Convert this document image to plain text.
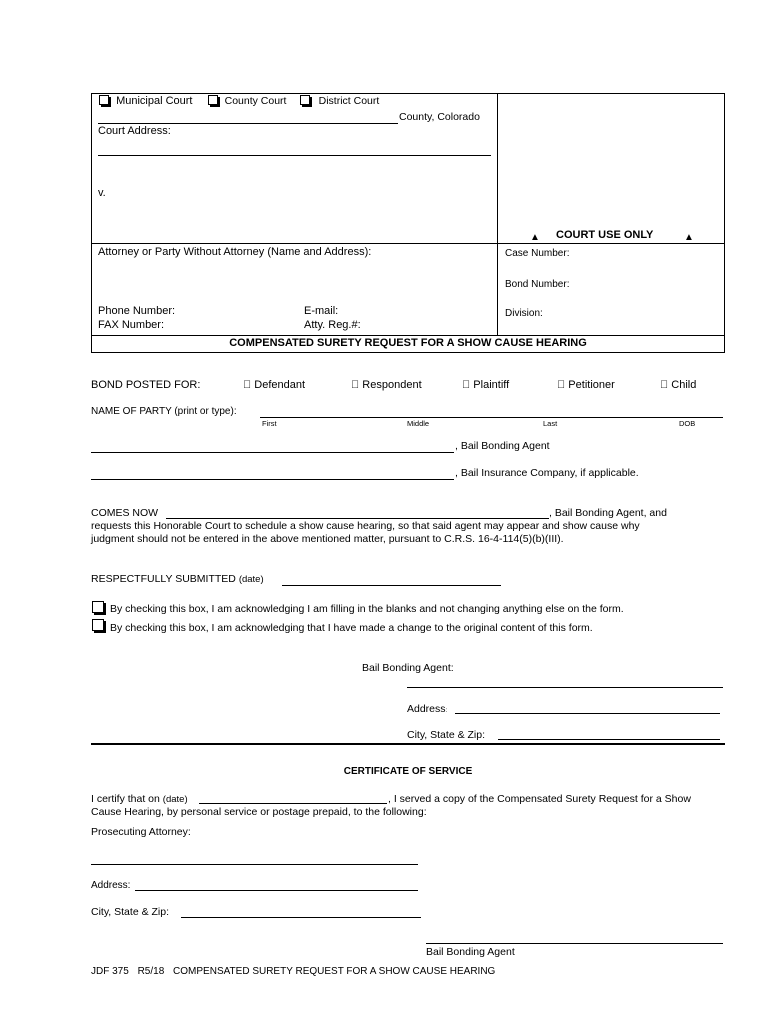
Municipal Court	County Court	District Court
County, Colorado
Court Address:
v.
▲ COURT USE ONLY	▲
Attorney or Party Without Attorney (Name and Address):
Phone Number:	E-mail:
FAX Number:	Atty. Reg.#:
Case Number:
Bond Number:
Division:
COMPENSATED SURETY REQUEST FOR A SHOW CAUSE HEARING
BOND POSTED FOR:	Defendant	Respondent	Plaintiff	Petitioner	Child
NAME OF PARTY (print or type):
First	Middle	Last	DOB
, Bail Bonding Agent
, Bail Insurance Company, if applicable.
COMES NOW	, Bail Bonding Agent, and
requests this Honorable Court to schedule a show cause hearing, so that said agent may appear and show cause why
judgment should not be entered in the above mentioned matter, pursuant to C.R.S. 16-4-114(5)(b)(III).
RESPECTFULLY SUBMITTED (date)
By checking this box, I am acknowledging I am filling in the blanks and not changing anything else on the form.
By checking this box, I am acknowledging that I have made a change to the original content of this form.
Bail Bonding Agent:
Address:
City, State & Zip:
CERTIFICATE OF SERVICE
I certify that on (date)	, I served a copy of the Compensated Surety Request for a Show
Cause Hearing, by personal service or postage prepaid, to the following:
Prosecuting Attorney:
Address:
City, State & Zip:
Bail Bonding Agent
JDF 375 R5/18 COMPENSATED SURETY REQUEST FOR A SHOW CAUSE HEARING
